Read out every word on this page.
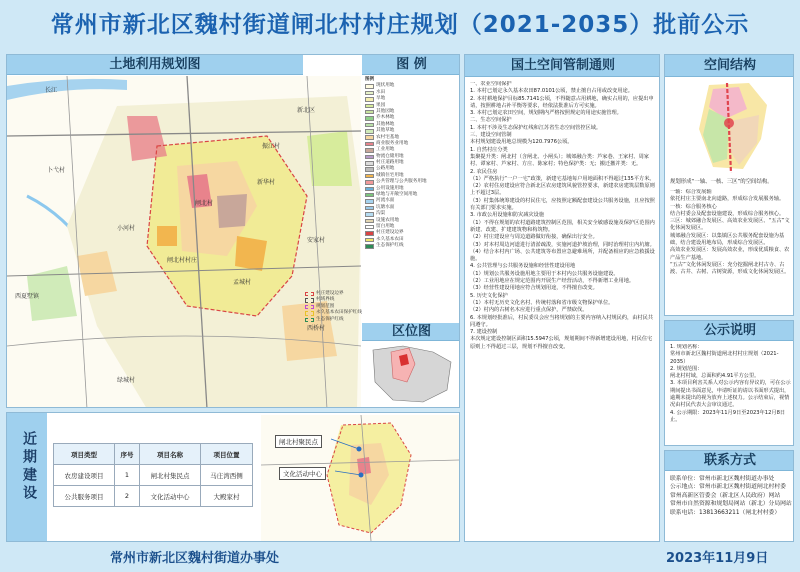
常州市新北区魏村街道闸北村村庄规划（2021-2035）批前公示
土地利用规划图	图 例
长江
新北区
振江村
新华村
闸北村
小河村
西夏墅镇
孟城村
闸北村村庄
绿城村
安家村
西桥村
卜弋村
图例
现状用地
水田
旱地
果园
其他园地
乔木林地
其他林地
其他草地
农村宅基地
商业服务业用地
工业用地
物流仓储用地
村庄道路用地
公路用地
城镇住宅用地
公共管理与公共服务用地
公用设施用地
绿地与开敞空间用地
河流水面
坑塘水面
沟渠
设施农用地
留白用地
村庄建设边界
永久基本农田
生态保护红线
村庄建设边界
村域界线
规划范围
永久基本农田保护红线
生态保护红线
区位图
近期建设	项目类型	序号	项目名称	项目位置
农房建设项目	1	闸北村集民点	马庄湾西侧
公共服务项目	2	文化活动中心	大殿家村
闸北村聚民点
文化活动中心
国土空间管制通则

一、农业空间保护

1. 本村已划定永久基本农田87.0101公顷，禁止擅自占用或改变用途。

2. 本村耕地保护目标85.7141公顷，不得随意占用耕地，确实占用的，应提出申请，按照耕地占补平衡等要求，经依法批准后方可实施。

3. 本村已划定农田空间，规划期内严格按照规定的用途实施管理。

二、生态空间保护

1. 本村不涉及生态保护红线和江苏省生态空间管控区域。

三、建设空间管制

本村规划建设用地总规模为120.7976公顷。

1. 自然村庄分类

集聚提升类：闸北村（含闸北、小闸头）；城郊融合类：芦家巷、王家村、周家村、谭家村、芦家村、方庄、陈家村；特色保护类：无；搬迁撤并类：无。

2. 农民住房

（1）严格执行“一户一宅”政策，新建宅基地每户用地面积不得超过135平方米。

（2）农村住房建设应符合新北区农房建筑风貌管控要求，新建农房建筑层数原则上不超过3层。

（3）村集体统筹建设的村民住宅，应按照定额配套建设公共服务设施，且应按照有关部门要求实施。

3. 市政公用设施和防灾减灾设施

（1）不得在规划的农村道路建筑控制区范围，相关安全敏感设施及保护区范围内新建、改建、扩建建筑物和构筑物。

（2）村庄建设应与周边道路做好衔接，确保出行安全。

（3）对本村周边河道进行清淤疏浚，实施河道护坡治理，同时治理村庄内坑塘。

（4）结合本村内广场、公共建筑等布置应急避难场所，并配备相应的应急救援设施。

4. 公共管理与公共服务设施和经营性建设用地

（1）规划公共服务设施用地主要用于本村内公共服务设施建设。

（2）工业用地应在规定范围内开展生产经营活动，不得新增工业用地。

（3）经营性建设用地应符合规划用途，不得擅自改变。

5. 历史文化保护

（1）本村无历史文化名村、传统村落和省市级文物保护单位。

（2）村内的古树名木应进行重点保护，严禁砍伐。

6. 本规划经批准后，村民委员会应当将规划的主要内容纳入村规民约，由村民共同遵守。

7. 建设控制

本次规定建设控制区面积15.5947公顷，规划期间不得新增建设用地，村民住宅原则上不得超过三层，规划不得擅自改变。

空间结构
规划形成“一轴、一核、三区”的空间结构。

一轴：综合发展轴

依托村庄主要南北向道路，形成综合发展服务轴。

一核：综合服务核心

结合村委会及配套设施建设，形成综合服务核心。

三区：城郊融合发展区、高效农业发展区、“五古”文化休闲发展区。

城郊融合发展区：以集镇区公共服务配套设施为基础，结合建设用地布局，形成综合发展区。

高效农业发展区：发展高效农业，形成优质粮食、农产品生产基地。

“五古”文化休闲发展区：充分挖掘闸北村古寺、古渡、古井、古树、古树资源，形成文化休闲发展区。

公示说明

1. 规划名称：

常州市新北区魏村街道闸北村村庄规划（2021-2035）

2. 规划范围：

闸北村村域，总面积约4.91平方公里。

3. 本项目利害关系人对公示内容有异议的，可在公示期间提出书面意见，申请听证的请以书面形式提出，逾期未提出的视为放弃上述权力。公示结束后，视情况由村民代表大会审议通过。

4. 公示期限：2023年11月9日至2023年12月8日止。

联系方式

联系单位：常州市新北区魏村街道办事处

公示地点：常州市新北区魏村街道闸北村村委

常州高新区管委会（新北区人民政府）网站

常州市自然资源和规划局网站（新北）分局网站

联系电话：13813663211（闸北村村委）

常州市新北区魏村街道办事处	2023年11月9日
